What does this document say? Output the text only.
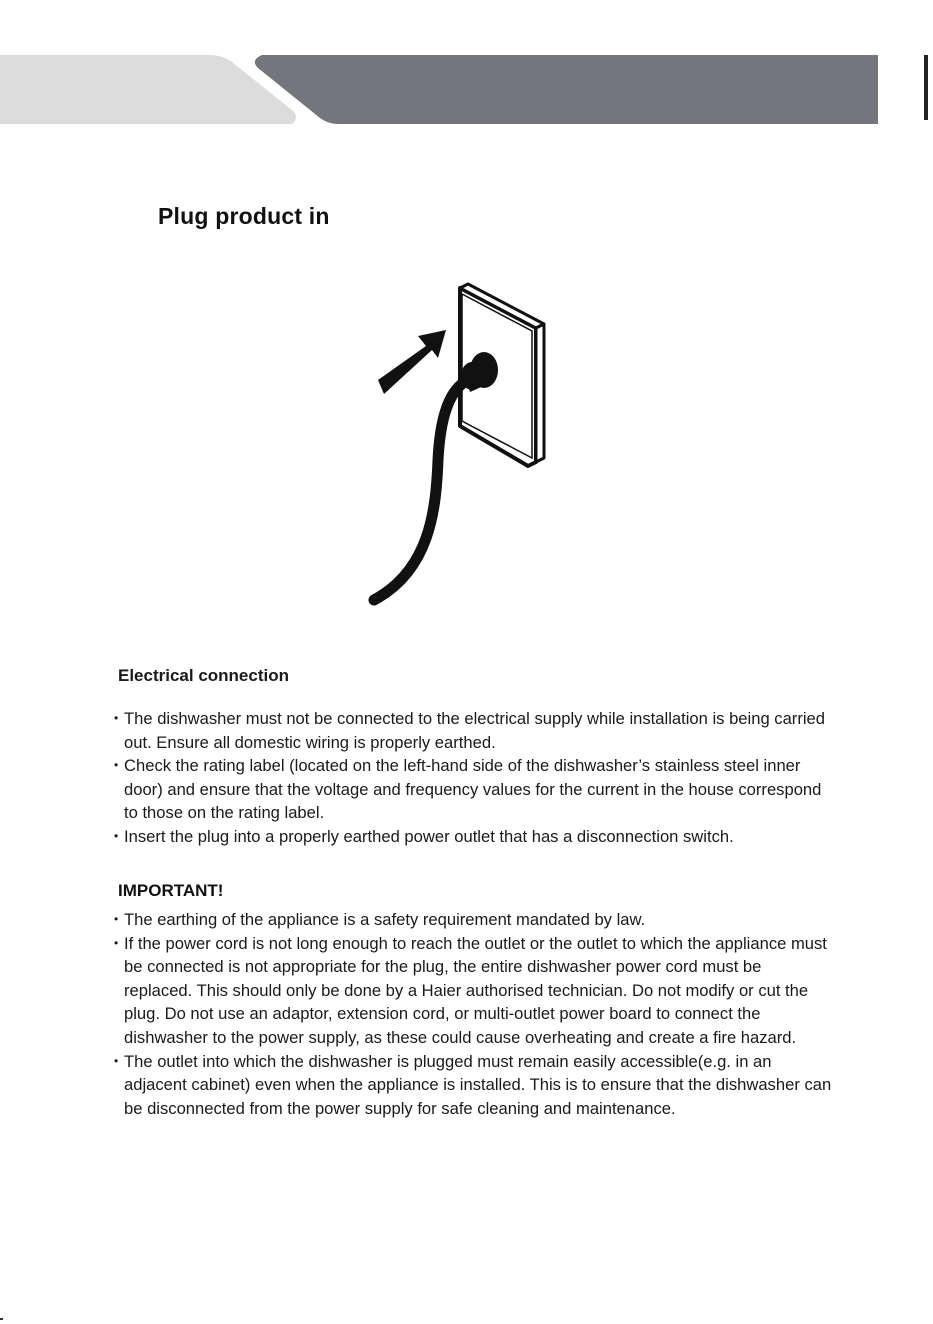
Plug product in
Electrical connection
• The dishwasher must not be connected to the electrical supply while installation is being carried out. Ensure all domestic wiring is properly earthed.
• Check the rating label (located on the left-hand side of the dishwasher’s stainless steel inner door) and ensure that the voltage and frequency values for the current in the house correspond to those on the rating label.
• Insert the plug into a properly earthed power outlet that has a disconnection switch.
IMPORTANT!
• The earthing of the appliance is a safety requirement mandated by law.
• If the power cord is not long enough to reach the outlet or the outlet to which the appliance must be connected is not appropriate for the plug, the entire dishwasher power cord must be replaced. This should only be done by a Haier authorised technician. Do not modify or cut the plug. Do not use an adaptor, extension cord, or multi-outlet power board to connect the dishwasher to the power supply, as these could cause overheating and create a fire hazard.
• The outlet into which the dishwasher is plugged must remain easily accessible(e.g. in an adjacent cabinet) even when the appliance is installed. This is to ensure that the dishwasher can be disconnected from the power supply for safe cleaning and maintenance.
